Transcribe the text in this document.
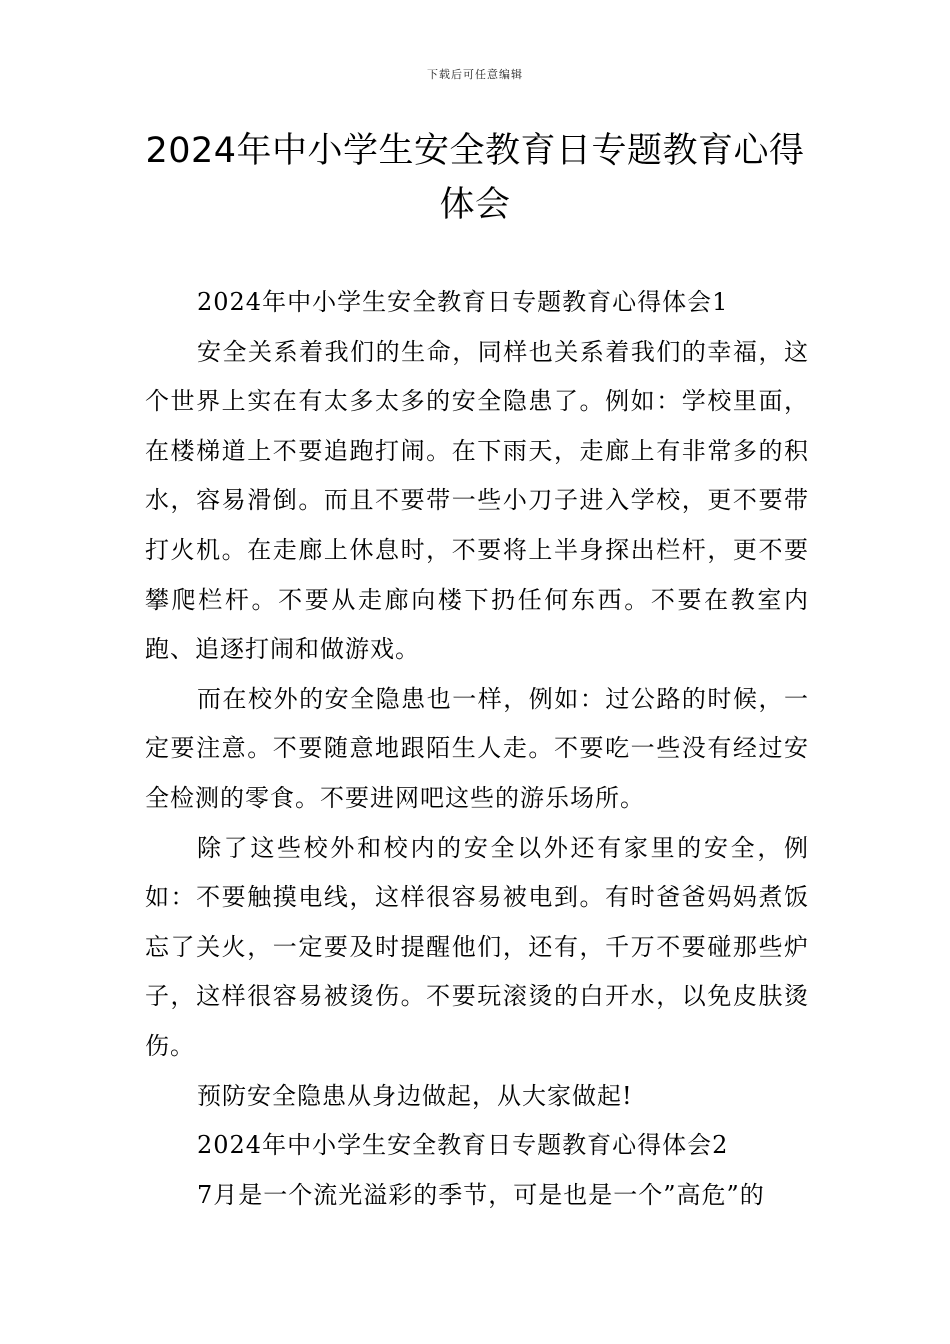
下载后可任意编辑
2024年中小学生安全教育日专题教育心得体会

2024年中小学生安全教育日专题教育心得体会1

安全关系着我们的生命，同样也关系着我们的幸福，这个世界上实在有太多太多的安全隐患了。例如：学校里面，在楼梯道上不要追跑打闹。在下雨天，走廊上有非常多的积水，容易滑倒。而且不要带一些小刀子进入学校，更不要带打火机。在走廊上休息时，不要将上半身探出栏杆，更不要攀爬栏杆。不要从走廊向楼下扔任何东西。不要在教室内跑、追逐打闹和做游戏。

而在校外的安全隐患也一样，例如：过公路的时候，一定要注意。不要随意地跟陌生人走。不要吃一些没有经过安全检测的零食。不要进网吧这些的游乐场所。

除了这些校外和校内的安全以外还有家里的安全，例如：不要触摸电线，这样很容易被电到。有时爸爸妈妈煮饭忘了关火，一定要及时提醒他们，还有，千万不要碰那些炉子，这样很容易被烫伤。不要玩滚烫的白开水，以免皮肤烫伤。

预防安全隐患从身边做起，从大家做起!

2024年中小学生安全教育日专题教育心得体会2

7月是一个流光溢彩的季节，可是也是一个”高危”的
